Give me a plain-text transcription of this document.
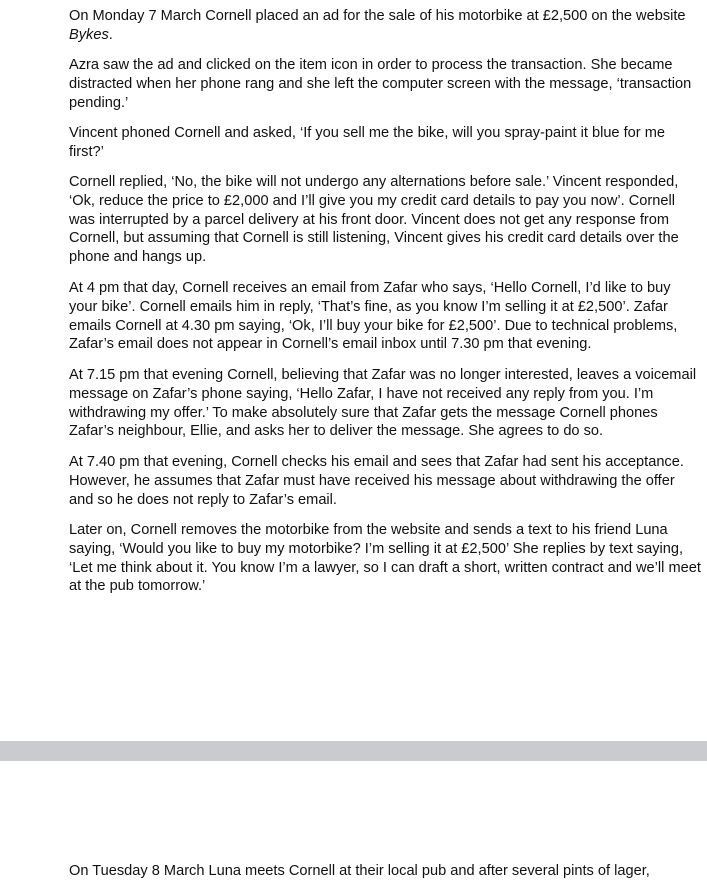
On Monday 7 March Cornell placed an ad for the sale of his motorbike at £2,500 on the website Bykes.

Azra saw the ad and clicked on the item icon in order to process the transaction. She became distracted when her phone rang and she left the computer screen with the message, ‘transaction pending.’

Vincent phoned Cornell and asked, ‘If you sell me the bike, will you spray-paint it blue for me first?’

Cornell replied, ‘No, the bike will not undergo any alternations before sale.’ Vincent responded, ‘Ok, reduce the price to £2,000 and I’ll give you my credit card details to pay you now’. Cornell was interrupted by a parcel delivery at his front door. Vincent does not get any response from Cornell, but assuming that Cornell is still listening, Vincent gives his credit card details over the phone and hangs up.

At 4 pm that day, Cornell receives an email from Zafar who says, ‘Hello Cornell, I’d like to buy your bike’. Cornell emails him in reply, ‘That’s fine, as you know I’m selling it at £2,500’. Zafar emails Cornell at 4.30 pm saying, ‘Ok, I’ll buy your bike for £2,500’. Due to technical problems, Zafar’s email does not appear in Cornell’s email inbox until 7.30 pm that evening.

At 7.15 pm that evening Cornell, believing that Zafar was no longer interested, leaves a voicemail message on Zafar’s phone saying, ‘Hello Zafar, I have not received any reply from you. I’m withdrawing my offer.’ To make absolutely sure that Zafar gets the message Cornell phones Zafar’s neighbour, Ellie, and asks her to deliver the message. She agrees to do so.

At 7.40 pm that evening, Cornell checks his email and sees that Zafar had sent his acceptance. However, he assumes that Zafar must have received his message about withdrawing the offer and so he does not reply to Zafar’s email.

Later on, Cornell removes the motorbike from the website and sends a text to his friend Luna saying, ‘Would you like to buy my motorbike? I’m selling it at £2,500’ She replies by text saying, ‘Let me think about it. You know I’m a lawyer, so I can draft a short, written contract and we’ll meet at the pub tomorrow.’

On Tuesday 8 March Luna meets Cornell at their local pub and after several pints of lager,
